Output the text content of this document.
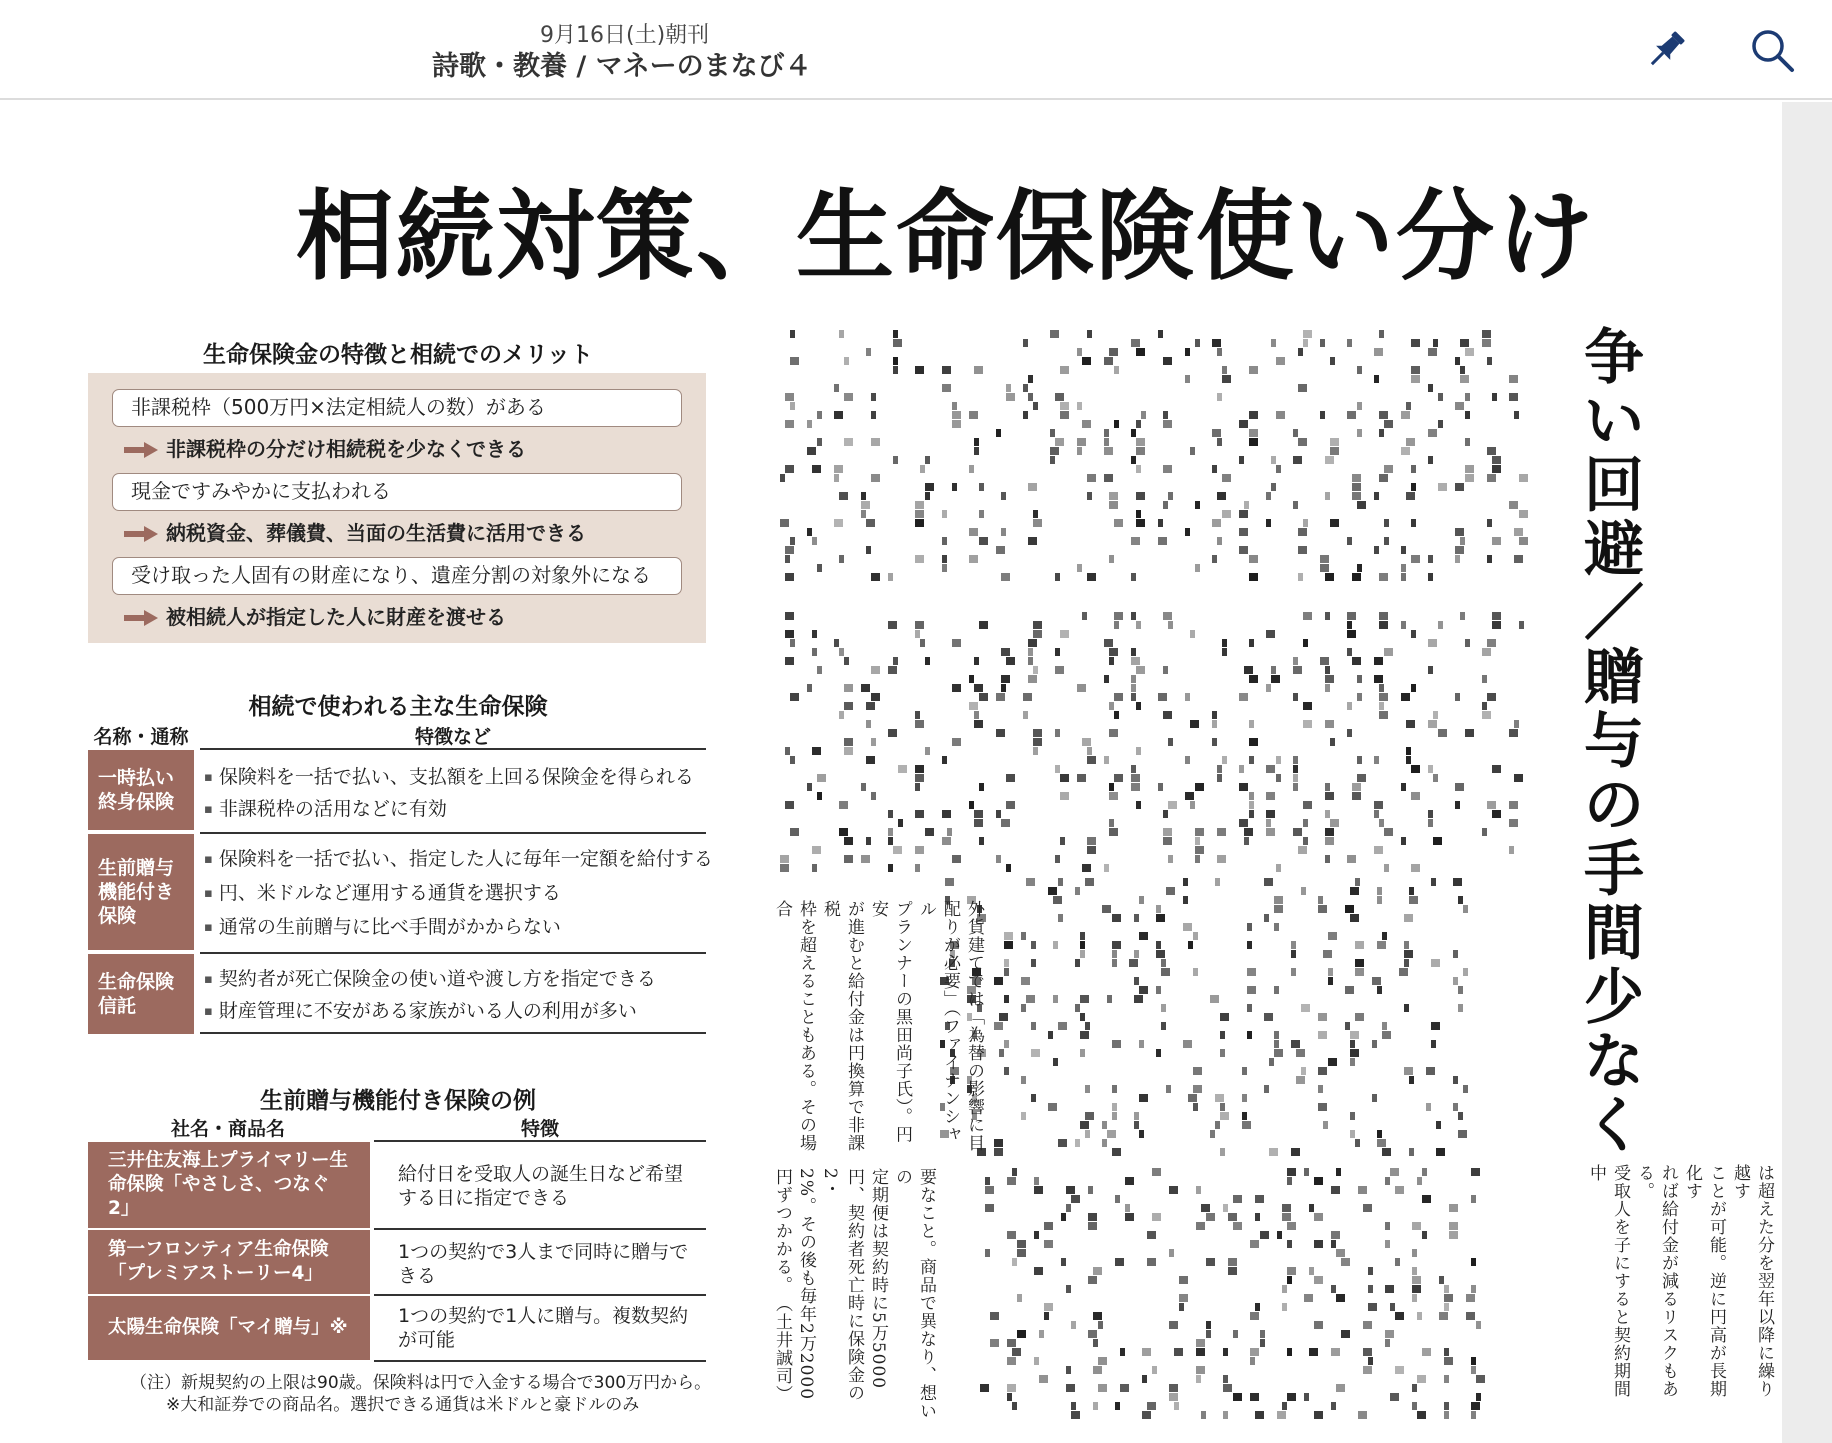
9月16日(土)朝刊
詩歌・教養 / マネーのまなび４
相続対策、生命保険使い分け
生命保険金の特徴と相続でのメリット
非課税枠（500万円×法定相続人の数）がある
非課税枠の分だけ相続税を少なくできる
現金ですみやかに支払われる
納税資金、葬儀費、当面の生活費に活用できる
受け取った人固有の財産になり、遺産分割の対象外になる
被相続人が指定した人に財産を渡せる
相続で使われる主な生命保険
名称・通称	特徴など
一時払い終身保険
▪ 保険料を一括で払い、支払額を上回る保険金を得られる
▪ 非課税枠の活用などに有効
生前贈与機能付き保険
▪ 保険料を一括で払い、指定した人に毎年一定額を給付する
▪ 円、米ドルなど運用する通貨を選択する
▪ 通常の生前贈与に比べ手間がかからない
生命保険信託
▪ 契約者が死亡保険金の使い道や渡し方を指定できる
▪ 財産管理に不安がある家族がいる人の利用が多い
生前贈与機能付き保険の例
社名・商品名	特徴
三井住友海上プライマリー生命保険「やさしさ、つなぐ2」
給付日を受取人の誕生日など希望する日に指定できる
第一フロンティア生命保険「プレミアストーリー4」
1つの契約で3人まで同時に贈与できる
太陽生命保険「マイ贈与」※
1つの契約で1人に贈与。複数契約が可能
（注）新規契約の上限は90歳。保険料は円で入金する場合で300万円から。
※大和証券での商品名。選択できる通貨は米ドルと豪ドルのみ
争
い
回
避
／
贈
与
の
手
間
少
な
く
外貨建てでは「為替の影響に目
配りが必要」（ファイナンシャル
プランナーの黒田尚子氏）。円安
が進むと給付金は円換算で非課税
枠を超えることもある。その場合
は超えた分を翌年以降に繰り越す
ことが可能。逆に円高が長期化す
れば給付金が減るリスクもある。
受取人を子にすると契約期間中
要なこと。商品で異なり、想いの
定期便は契約時に5万5000
円、契約者死亡時に保険金の2・
2%。その後も毎年2万2000
円ずつかかる。　（土井誠司）
